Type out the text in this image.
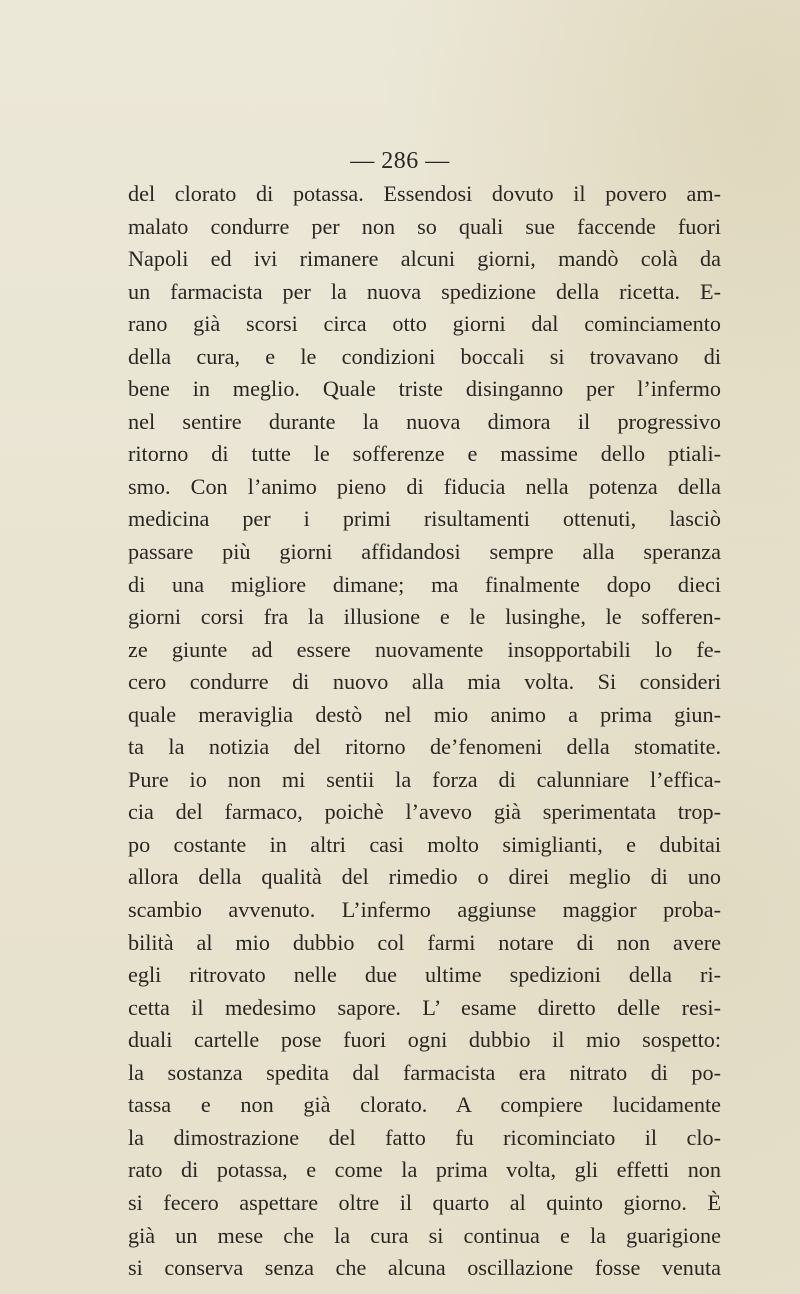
— 286 —
del clorato di potassa. Essendosi dovuto il povero am-
malato condurre per non so quali sue faccende fuori
Napoli ed ivi rimanere alcuni giorni, mandò colà da
un farmacista per la nuova spedizione della ricetta. E-
rano già scorsi circa otto giorni dal cominciamento
della cura, e le condizioni boccali si trovavano di
bene in meglio. Quale triste disinganno per l’infermo
nel sentire durante la nuova dimora il progressivo
ritorno di tutte le sofferenze e massime dello ptiali-
smo. Con l’animo pieno di fiducia nella potenza della
medicina per i primi risultamenti ottenuti, lasciò
passare più giorni affidandosi sempre alla speranza
di una migliore dimane; ma finalmente dopo dieci
giorni corsi fra la illusione e le lusinghe, le sofferen-
ze giunte ad essere nuovamente insopportabili lo fe-
cero condurre di nuovo alla mia volta. Si consideri
quale meraviglia destò nel mio animo a prima giun-
ta la notizia del ritorno de’fenomeni della stomatite.
Pure io non mi sentii la forza di calunniare l’effica-
cia del farmaco, poichè l’avevo già sperimentata trop-
po costante in altri casi molto simiglianti, e dubitai
allora della qualità del rimedio o direi meglio di uno
scambio avvenuto. L’infermo aggiunse maggior proba-
bilità al mio dubbio col farmi notare di non avere
egli ritrovato nelle due ultime spedizioni della ri-
cetta il medesimo sapore. L’ esame diretto delle resi-
duali cartelle pose fuori ogni dubbio il mio sospetto:
la sostanza spedita dal farmacista era nitrato di po-
tassa e non già clorato. A compiere lucidamente
la dimostrazione del fatto fu ricominciato il clo-
rato di potassa, e come la prima volta, gli effetti non
si fecero aspettare oltre il quarto al quinto giorno. È
già un mese che la cura si continua e la guarigione
si conserva senza che alcuna oscillazione fosse venuta
